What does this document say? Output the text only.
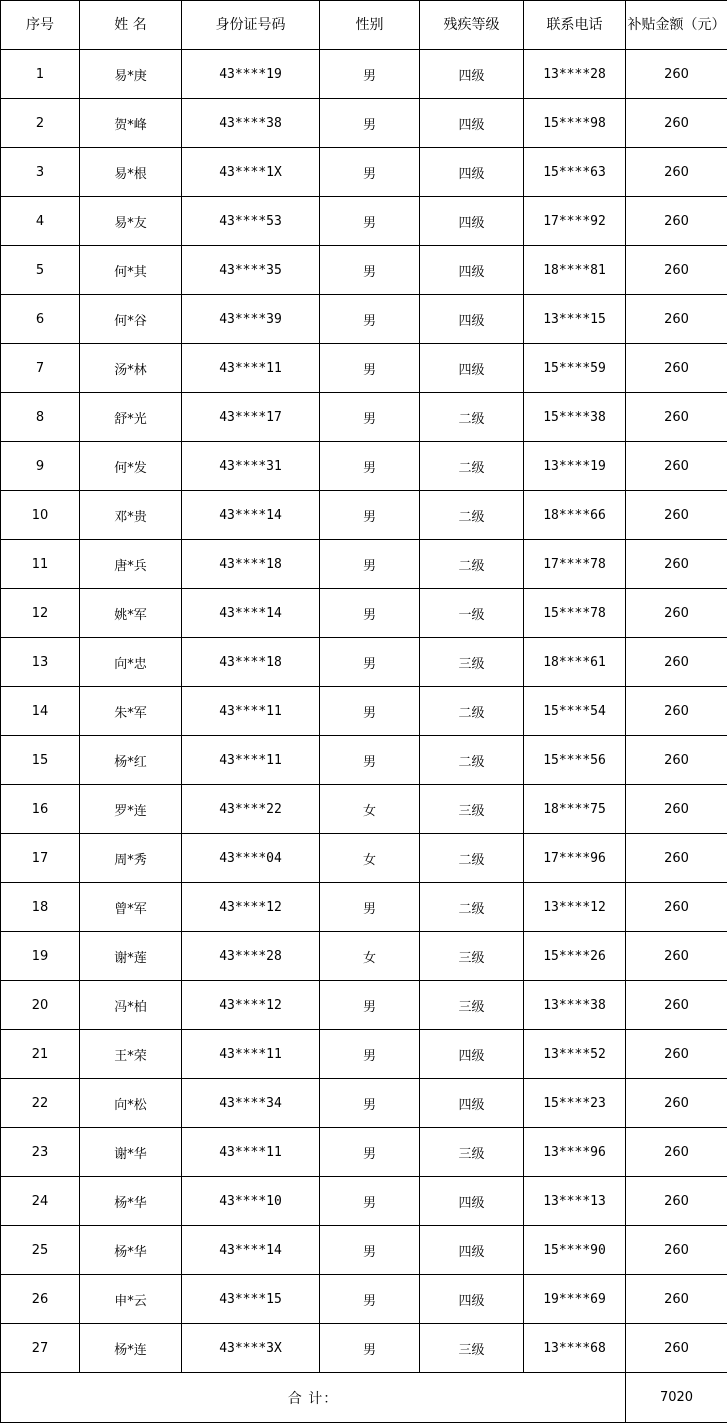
序号	姓 名	身份证号码	性别	残疾等级	联系电话	补贴金额（元）
1	易*庚	43****19	男	四级	13****28	260
2	贺*峰	43****38	男	四级	15****98	260
3	易*根	43****1X	男	四级	15****63	260
4	易*友	43****53	男	四级	17****92	260
5	何*其	43****35	男	四级	18****81	260
6	何*谷	43****39	男	四级	13****15	260
7	汤*林	43****11	男	四级	15****59	260
8	舒*光	43****17	男	二级	15****38	260
9	何*发	43****31	男	二级	13****19	260
10	邓*贵	43****14	男	二级	18****66	260
11	唐*兵	43****18	男	二级	17****78	260
12	姚*军	43****14	男	一级	15****78	260
13	向*忠	43****18	男	三级	18****61	260
14	朱*军	43****11	男	二级	15****54	260
15	杨*红	43****11	男	二级	15****56	260
16	罗*连	43****22	女	三级	18****75	260
17	周*秀	43****04	女	二级	17****96	260
18	曾*军	43****12	男	二级	13****12	260
19	谢*莲	43****28	女	三级	15****26	260
20	冯*柏	43****12	男	三级	13****38	260
21	王*荣	43****11	男	四级	13****52	260
22	向*松	43****34	男	四级	15****23	260
23	谢*华	43****11	男	三级	13****96	260
24	杨*华	43****10	男	四级	13****13	260
25	杨*华	43****14	男	四级	15****90	260
26	申*云	43****15	男	四级	19****69	260
27	杨*连	43****3X	男	三级	13****68	260
合 计：						7020
